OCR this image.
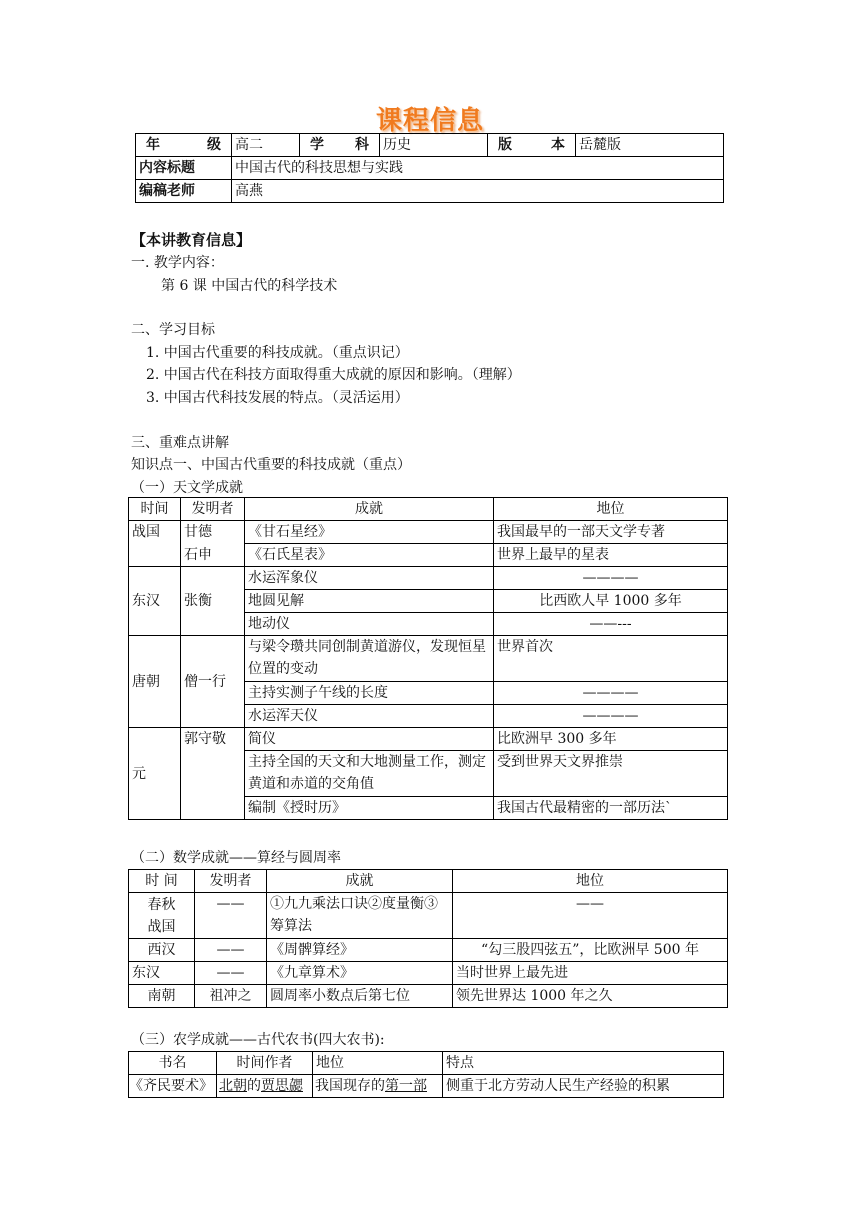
课程信息
年 级	高二	学 科	历史	版 本	岳麓版
内容标题	中国古代的科技思想与实践				
编稿老师	高燕				
【本讲教育信息】
一. 教学内容：
第 6 课 中国古代的科学技术
二、学习目标
1. 中国古代重要的科技成就。（重点识记）
2. 中国古代在科技方面取得重大成就的原因和影响。（理解）
3. 中国古代科技发展的特点。（灵活运用）
三、重难点讲解
知识点一、中国古代重要的科技成就（重点）
（一）天文学成就
时间	发明者	成就	地位
战国	甘德	《甘石星经》	我国最早的一部天文学专著
	石申	《石氏星表》	世界上最早的星表
东汉	张衡	水运浑象仪	————
		地圆见解	比西欧人早 1000 多年
		地动仪	——---
唐朝	僧一行	与梁令瓒共同创制黄道游仪，发现恒星位置的变动	世界首次
		主持实测子午线的长度	————
		水运浑天仪	————
元	郭守敬	简仪	比欧洲早 300 多年
		主持全国的天文和大地测量工作，测定黄道和赤道的交角值	受到世界天文界推崇
		编制《授时历》	我国古代最精密的一部历法`
（二）数学成就——算经与圆周率
时 间	发明者	成就	地位
春秋
战国	——	①九九乘法口诀②度量衡③筹算法	——
西汉	——	《周髀算经》	“勾三股四弦五”，比欧洲早 500 年
东汉	——	《九章算术》	当时世界上最先进
南朝	祖冲之	圆周率小数点后第七位	领先世界达 1000 年之久
（三）农学成就——古代农书(四大农书):
书名	时间作者	地位	特点
《齐民要术》	北朝的贾思勰	我国现存的第一部	侧重于北方劳动人民生产经验的积累
